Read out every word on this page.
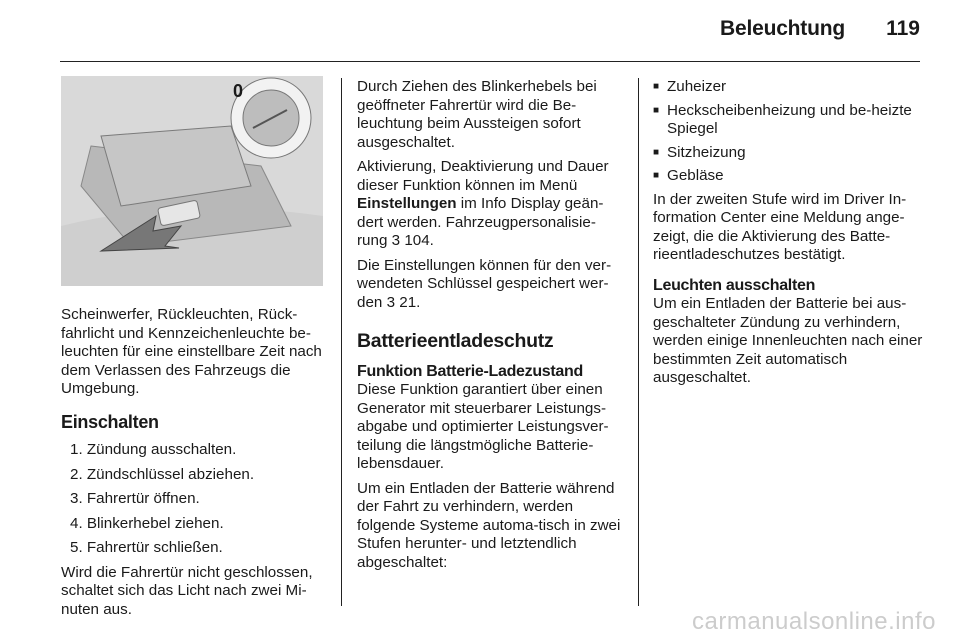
Beleuchtung 119
0

Scheinwerfer, Rückleuchten, Rück-fahrlicht und Kennzeichenleuchte be-leuchten für eine einstellbare Zeit nach dem Verlassen des Fahrzeugs die Umgebung.

Einschalten
1. Zündung ausschalten.
2. Zündschlüssel abziehen.
3. Fahrertür öffnen.
4. Blinkerhebel ziehen.
5. Fahrertür schließen.

Wird die Fahrertür nicht geschlossen, schaltet sich das Licht nach zwei Mi-nuten aus.

Durch Ziehen des Blinkerhebels bei geöffneter Fahrertür wird die Be-leuchtung beim Aussteigen sofort ausgeschaltet.

Aktivierung, Deaktivierung und Dauer dieser Funktion können im Menü Einstellungen im Info Display geän-dert werden. Fahrzeugpersonalisie-rung 3 104.

Die Einstellungen können für den ver-wendeten Schlüssel gespeichert wer-den 3 21.

Batterieentladeschutz
Funktion Batterie-Ladezustand

Diese Funktion garantiert über einen Generator mit steuerbarer Leistungs-abgabe und optimierter Leistungsver-teilung die längstmögliche Batterie-lebensdauer.

Um ein Entladen der Batterie während der Fahrt zu verhindern, werden folgende Systeme automa-tisch in zwei Stufen herunter- und letztendlich abgeschaltet:

■ Zuheizer
■ Heckscheibenheizung und be-heizte Spiegel
■ Sitzheizung
■ Gebläse

In der zweiten Stufe wird im Driver In-formation Center eine Meldung ange-zeigt, die die Aktivierung des Batte-rieentladeschutzes bestätigt.

Leuchten ausschalten

Um ein Entladen der Batterie bei aus-geschalteter Zündung zu verhindern, werden einige Innenleuchten nach einer bestimmten Zeit automatisch ausgeschaltet.

carmanualsonline.info
